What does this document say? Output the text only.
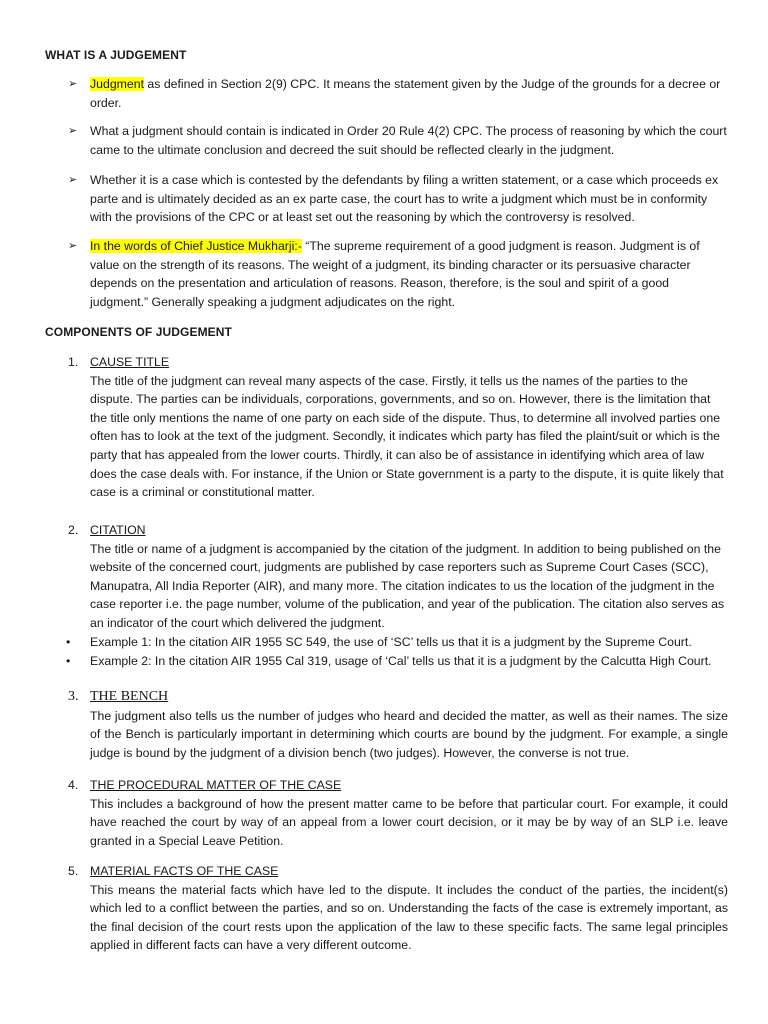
WHAT IS A JUDGEMENT
➢ Judgment as defined in Section 2(9) CPC. It means the statement given by the Judge of the grounds for a decree or order.
➢ What a judgment should contain is indicated in Order 20 Rule 4(2) CPC. The process of reasoning by which the court came to the ultimate conclusion and decreed the suit should be reflected clearly in the judgment.
➢ Whether it is a case which is contested by the defendants by filing a written statement, or a case which proceeds ex parte and is ultimately decided as an ex parte case, the court has to write a judgment which must be in conformity with the provisions of the CPC or at least set out the reasoning by which the controversy is resolved.
➢ In the words of Chief Justice Mukharji:- “The supreme requirement of a good judgment is reason. Judgment is of value on the strength of its reasons. The weight of a judgment, its binding character or its persuasive character depends on the presentation and articulation of reasons. Reason, therefore, is the soul and spirit of a good judgment.” Generally speaking a judgment adjudicates on the right.
COMPONENTS OF JUDGEMENT
1. CAUSE TITLE
The title of the judgment can reveal many aspects of the case. Firstly, it tells us the names of the parties to the dispute. The parties can be individuals, corporations, governments, and so on. However, there is the limitation that the title only mentions the name of one party on each side of the dispute. Thus, to determine all involved parties one often has to look at the text of the judgment. Secondly, it indicates which party has filed the plaint/suit or which is the party that has appealed from the lower courts. Thirdly, it can also be of assistance in identifying which area of law does the case deals with. For instance, if the Union or State government is a party to the dispute, it is quite likely that case is a criminal or constitutional matter.
2. CITATION
The title or name of a judgment is accompanied by the citation of the judgment. In addition to being published on the website of the concerned court, judgments are published by case reporters such as Supreme Court Cases (SCC), Manupatra, All India Reporter (AIR), and many more. The citation indicates to us the location of the judgment in the case reporter i.e. the page number, volume of the publication, and year of the publication. The citation also serves as an indicator of the court which delivered the judgment.
• Example 1: In the citation AIR 1955 SC 549, the use of ‘SC’ tells us that it is a judgment by the Supreme Court.
• Example 2: In the citation AIR 1955 Cal 319, usage of ‘Cal’ tells us that it is a judgment by the Calcutta High Court.
3. THE BENCH
The judgment also tells us the number of judges who heard and decided the matter, as well as their names. The size of the Bench is particularly important in determining which courts are bound by the judgment. For example, a single judge is bound by the judgment of a division bench (two judges). However, the converse is not true.
4. THE PROCEDURAL MATTER OF THE CASE
This includes a background of how the present matter came to be before that particular court. For example, it could have reached the court by way of an appeal from a lower court decision, or it may be by way of an SLP i.e. leave granted in a Special Leave Petition.
5. MATERIAL FACTS OF THE CASE
This means the material facts which have led to the dispute. It includes the conduct of the parties, the incident(s) which led to a conflict between the parties, and so on. Understanding the facts of the case is extremely important, as the final decision of the court rests upon the application of the law to these specific facts. The same legal principles applied in different facts can have a very different outcome.
